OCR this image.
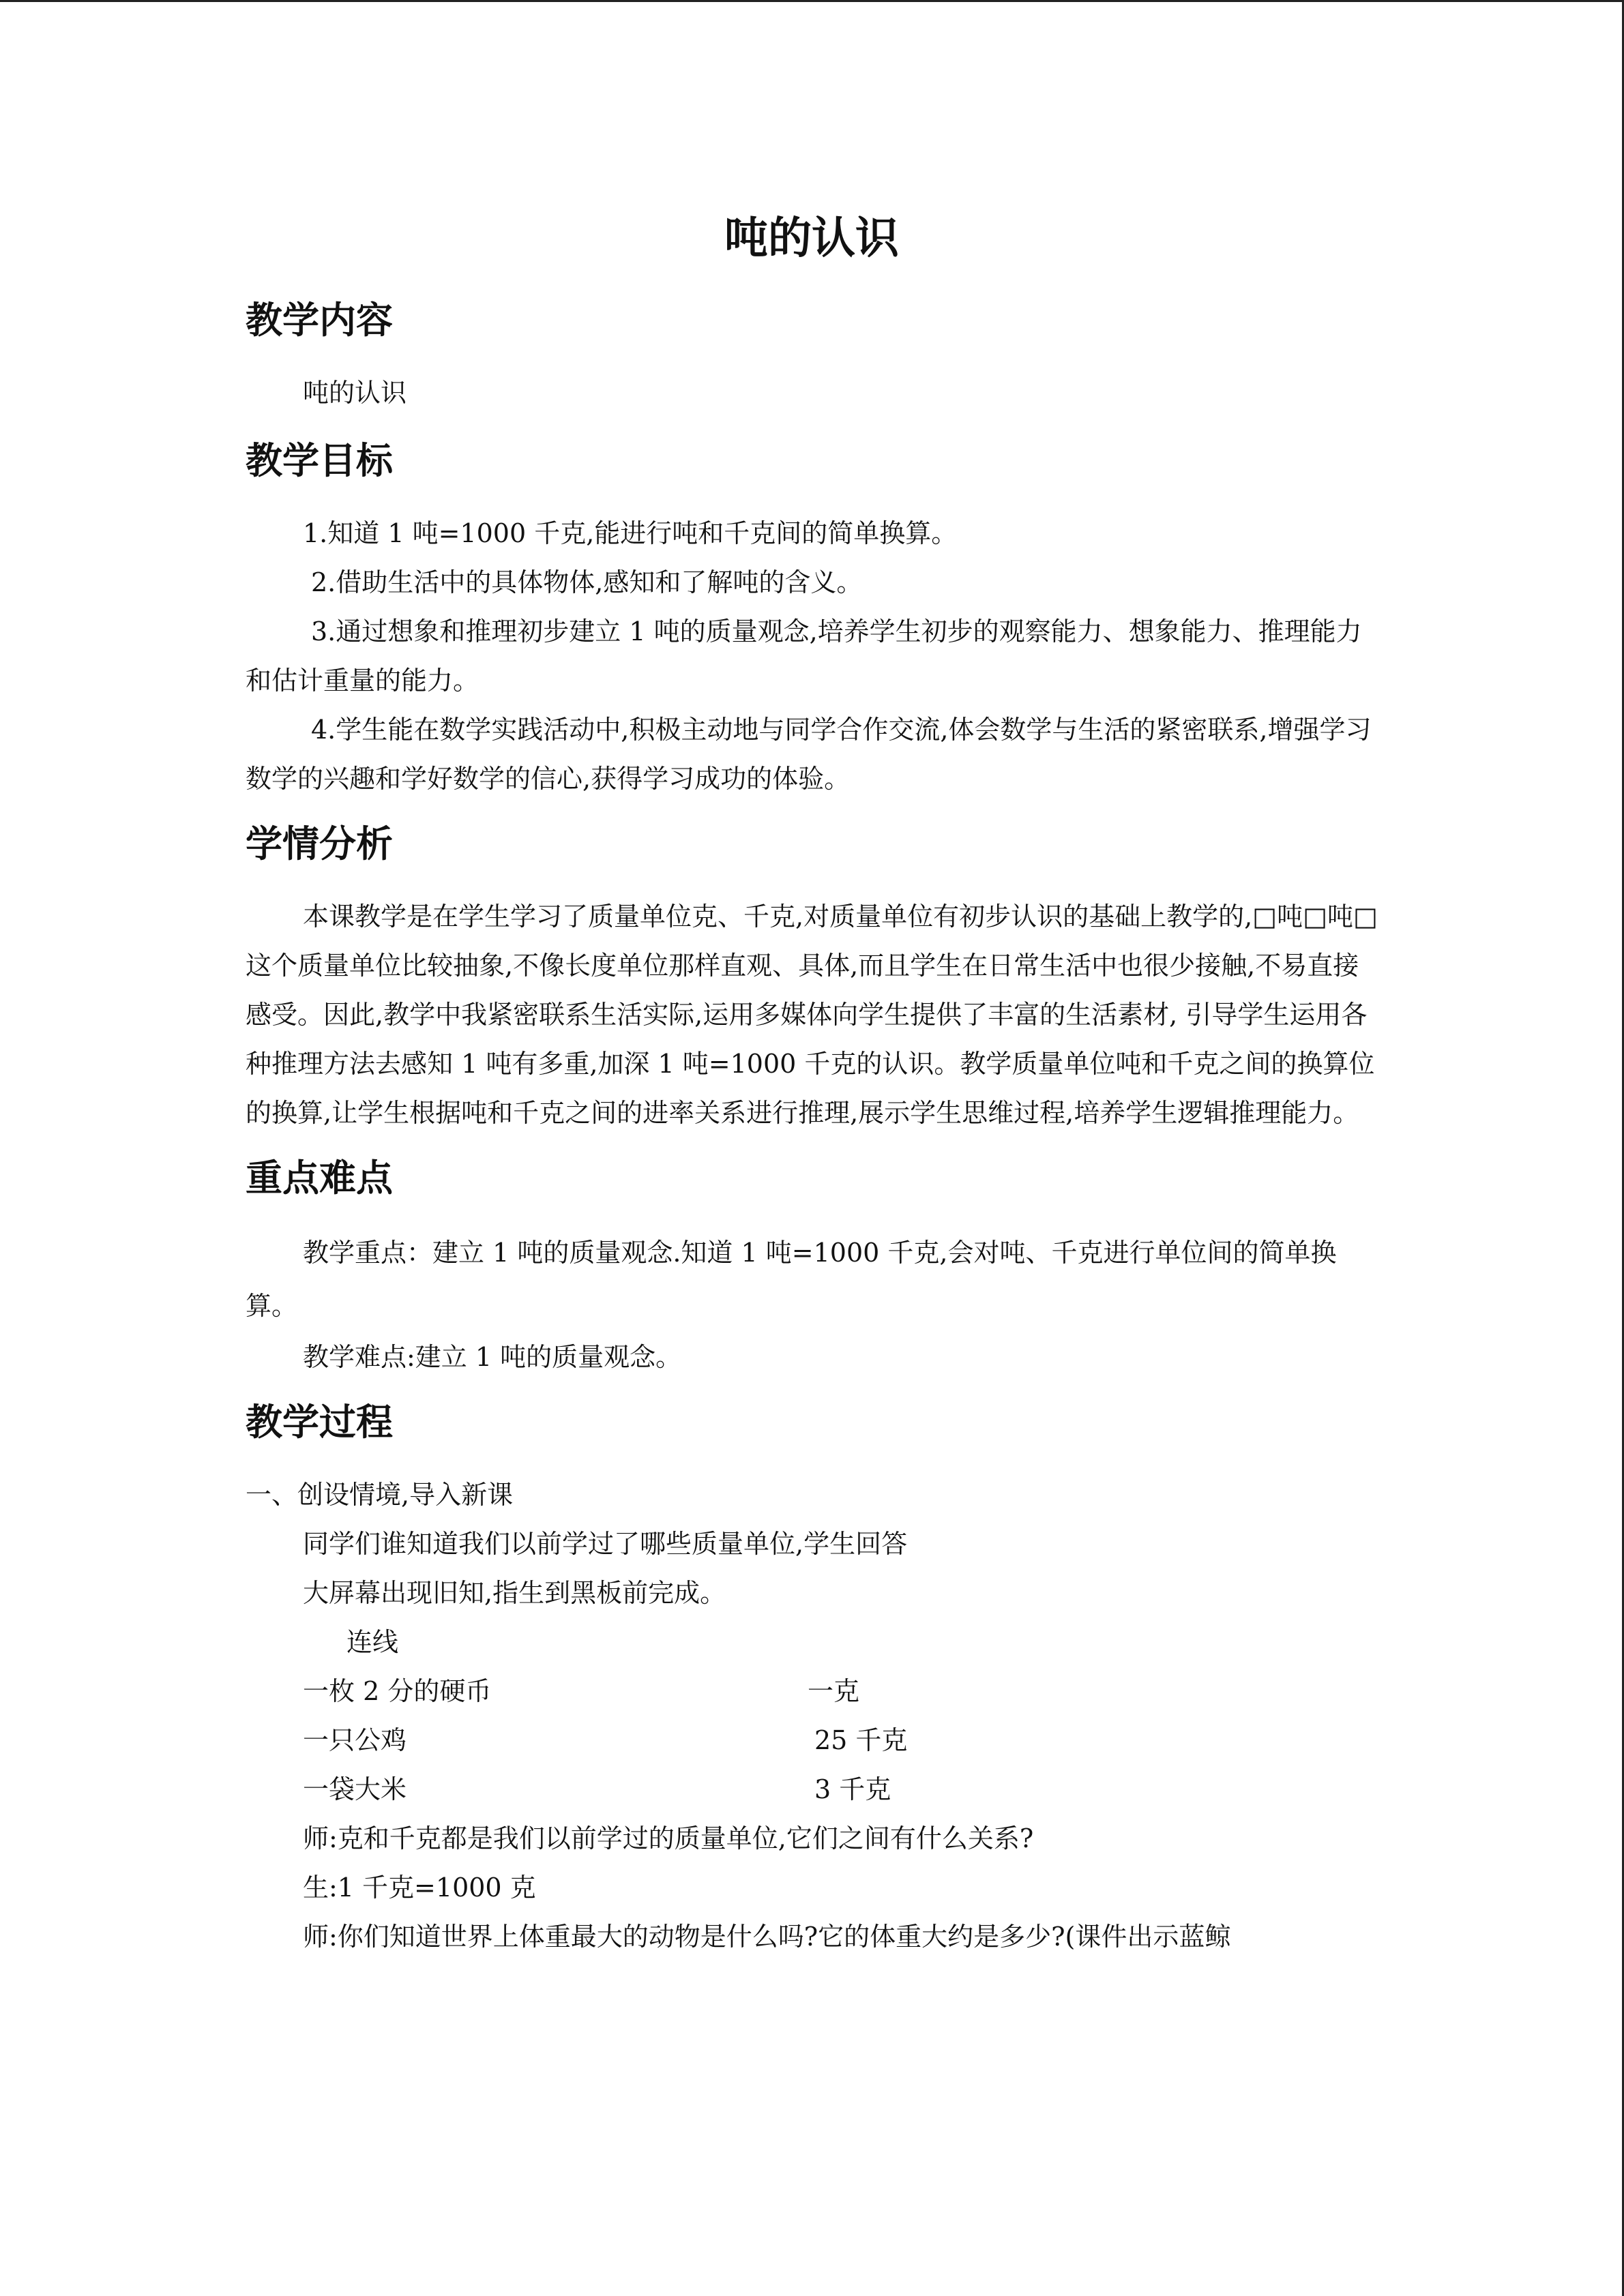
吨的认识
教学内容

吨的认识

教学目标

1.知道 1 吨=1000 千克,能进行吨和千克间的简单换算。

2.借助生活中的具体物体,感知和了解吨的含义。

3.通过想象和推理初步建立 1 吨的质量观念,培养学生初步的观察能力、想象能力、推理能力和估计重量的能力。

4.学生能在数学实践活动中,积极主动地与同学合作交流,体会数学与生活的紧密联系,增强学习数学的兴趣和学好数学的信心,获得学习成功的体验。

学情分析

本课教学是在学生学习了质量单位克、千克,对质量单位有初步认识的基础上教学的,□吨□吨□这个质量单位比较抽象,不像长度单位那样直观、具体,而且学生在日常生活中也很少接触,不易直接感受。因此,教学中我紧密联系生活实际,运用多媒体向学生提供了丰富的生活素材, 引导学生运用各种推理方法去感知 1 吨有多重,加深 1 吨=1000 千克的认识。教学质量单位吨和千克之间的换算位的换算,让学生根据吨和千克之间的进率关系进行推理,展示学生思维过程,培养学生逻辑推理能力。

重点难点

教学重点：建立 1 吨的质量观念.知道 1 吨=1000 千克,会对吨、千克进行单位间的简单换算。

教学难点:建立 1 吨的质量观念。

教学过程

一、创设情境,导入新课

同学们谁知道我们以前学过了哪些质量单位,学生回答

大屏幕出现旧知,指生到黑板前完成。

连线

一枚 2 分的硬币	一克
一只公鸡	25 千克
一袋大米	3 千克

师:克和千克都是我们以前学过的质量单位,它们之间有什么关系?

生:1 千克=1000 克

师:你们知道世界上体重最大的动物是什么吗?它的体重大约是多少?(课件出示蓝鲸
